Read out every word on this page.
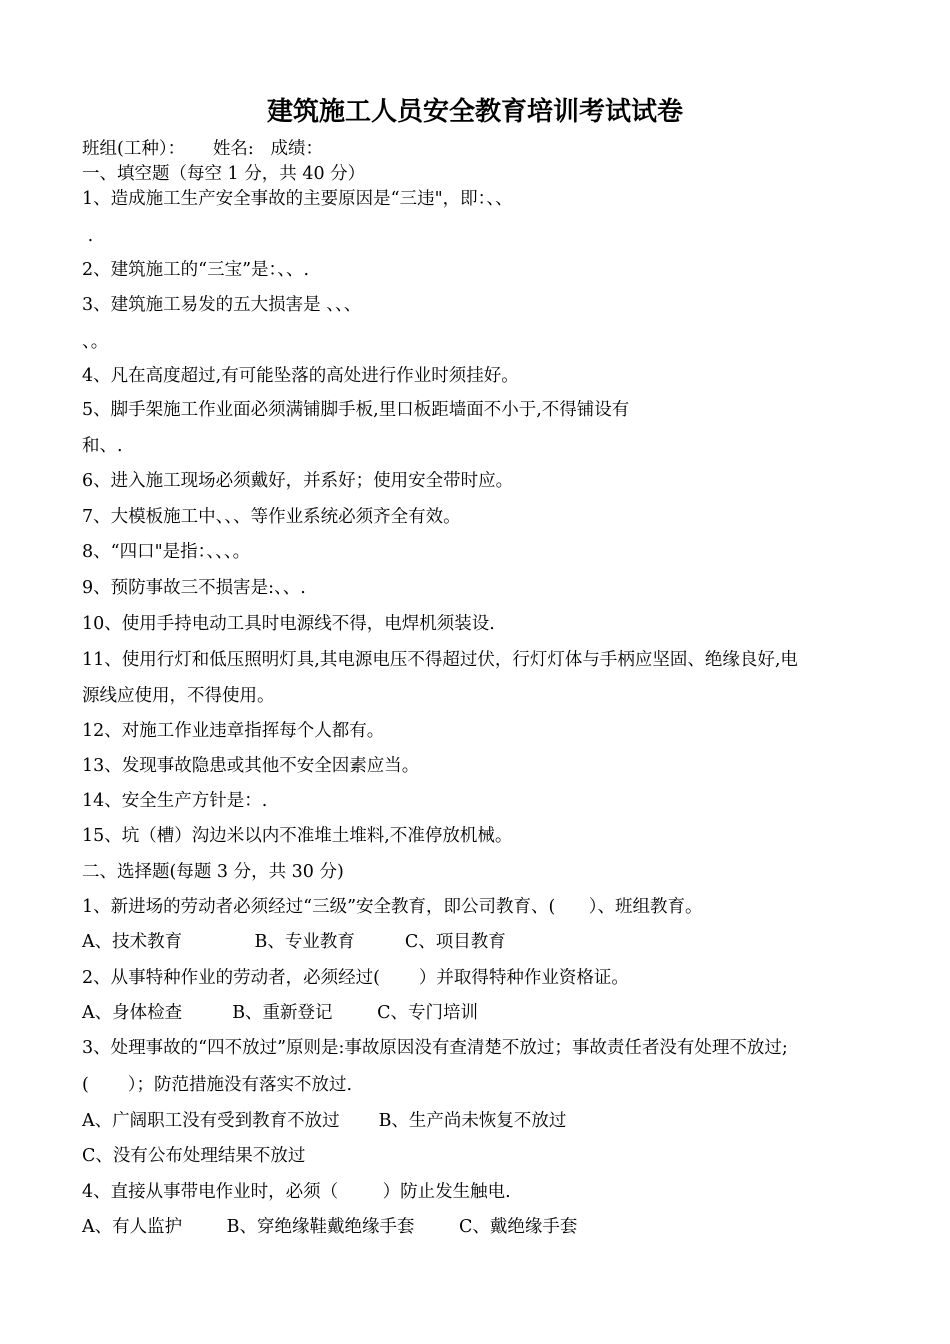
建筑施工人员安全教育培训考试试卷
班组(工种）：     姓名:   成绩：
一、填空题（每空 1 分，共 40 分）
1、造成施工生产安全事故的主要原因是“三违"，即：、、
.
2、建筑施工的“三宝”是：、、.
3、建筑施工易发的五大损害是 、、、
、。
4、凡在高度超过,有可能坠落的高处进行作业时须挂好。
5、脚手架施工作业面必须满铺脚手板,里口板距墙面不小于,不得铺设有
和、.
6、进入施工现场必须戴好，并系好；使用安全带时应。
7、大模板施工中、、、等作业系统必须齐全有效。
8、“四口"是指：、、、。
9、预防事故三不损害是:、、.
10、使用手持电动工具时电源线不得，电焊机须装设.
11、使用行灯和低压照明灯具,其电源电压不得超过伏，行灯灯体与手柄应坚固、绝缘良好,电
源线应使用，不得使用。
12、对施工作业违章指挥每个人都有。
13、发现事故隐患或其他不安全因素应当。
14、安全生产方针是：.
15、坑（槽）沟边米以内不准堆土堆料,不准停放机械。
二、选择题(每题 3 分，共 30 分)
1、新进场的劳动者必须经过“三级”安全教育，即公司教育、(      ）、班组教育。
A、技术教育             B、专业教育         C、项目教育
2、从事特种作业的劳动者，必须经过(       ）并取得特种作业资格证。
A、身体检查         B、重新登记        C、专门培训
3、处理事故的“四不放过”原则是:事故原因没有查清楚不放过；事故责任者没有处理不放过;
(       ）；防范措施没有落实不放过.
A、广阔职工没有受到教育不放过       B、生产尚未恢复不放过
C、没有公布处理结果不放过
4、直接从事带电作业时，必须（        ）防止发生触电.
A、有人监护        B、穿绝缘鞋戴绝缘手套        C、戴绝缘手套
